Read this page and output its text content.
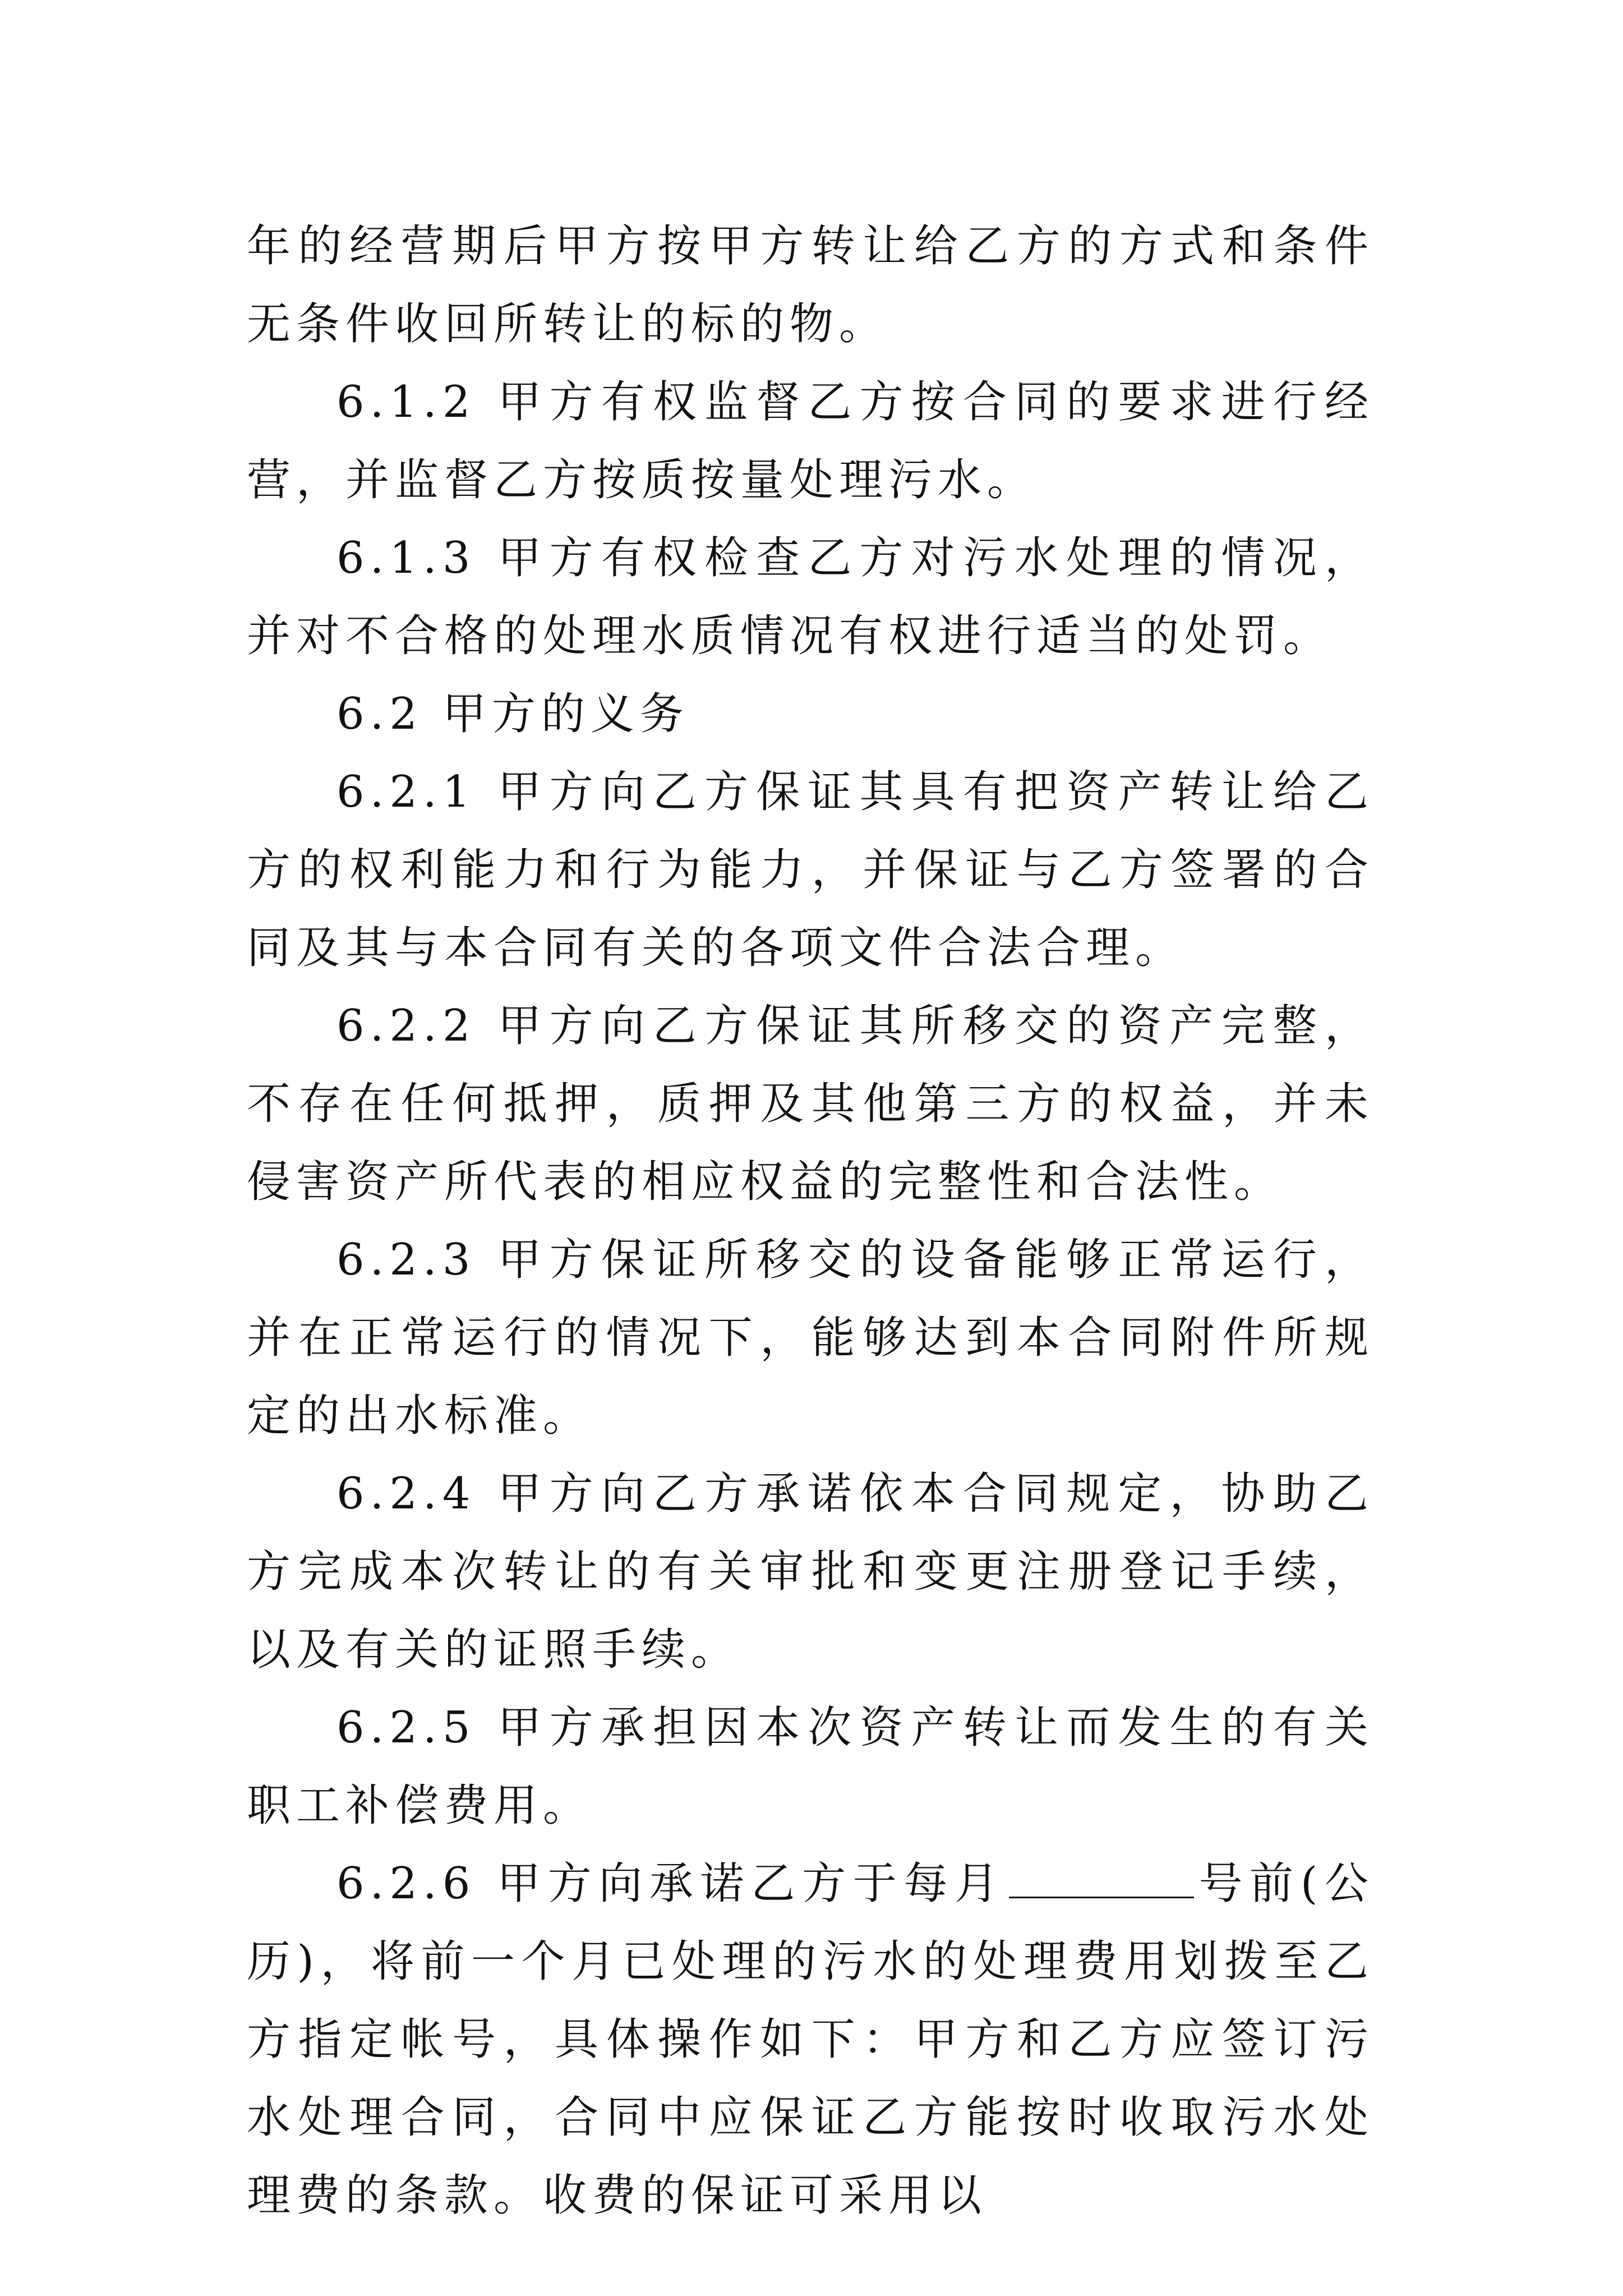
年的经营期后甲方按甲方转让给乙方的方式和条件无条件收回所转让的标的物。

6.1.2 甲方有权监督乙方按合同的要求进行经营，并监督乙方按质按量处理污水。

6.1.3 甲方有权检查乙方对污水处理的情况，并对不合格的处理水质情况有权进行适当的处罚。

6.2 甲方的义务

6.2.1 甲方向乙方保证其具有把资产转让给乙方的权利能力和行为能力，并保证与乙方签署的合同及其与本合同有关的各项文件合法合理。

6.2.2 甲方向乙方保证其所移交的资产完整，不存在任何抵押，质押及其他第三方的权益，并未侵害资产所代表的相应权益的完整性和合法性。

6.2.3 甲方保证所移交的设备能够正常运行，并在正常运行的情况下，能够达到本合同附件所规定的出水标准。

6.2.4 甲方向乙方承诺依本合同规定，协助乙方完成本次转让的有关审批和变更注册登记手续，以及有关的证照手续。

6.2.5 甲方承担因本次资产转让而发生的有关职工补偿费用。

6.2.6 甲方向承诺乙方于每月	号前(公历)，将前一个月已处理的污水的处理费用划拨至乙方指定帐号，具体操作如下：甲方和乙方应签订污水处理合同，合同中应保证乙方能按时收取污水处理费的条款。收费的保证可采用以
